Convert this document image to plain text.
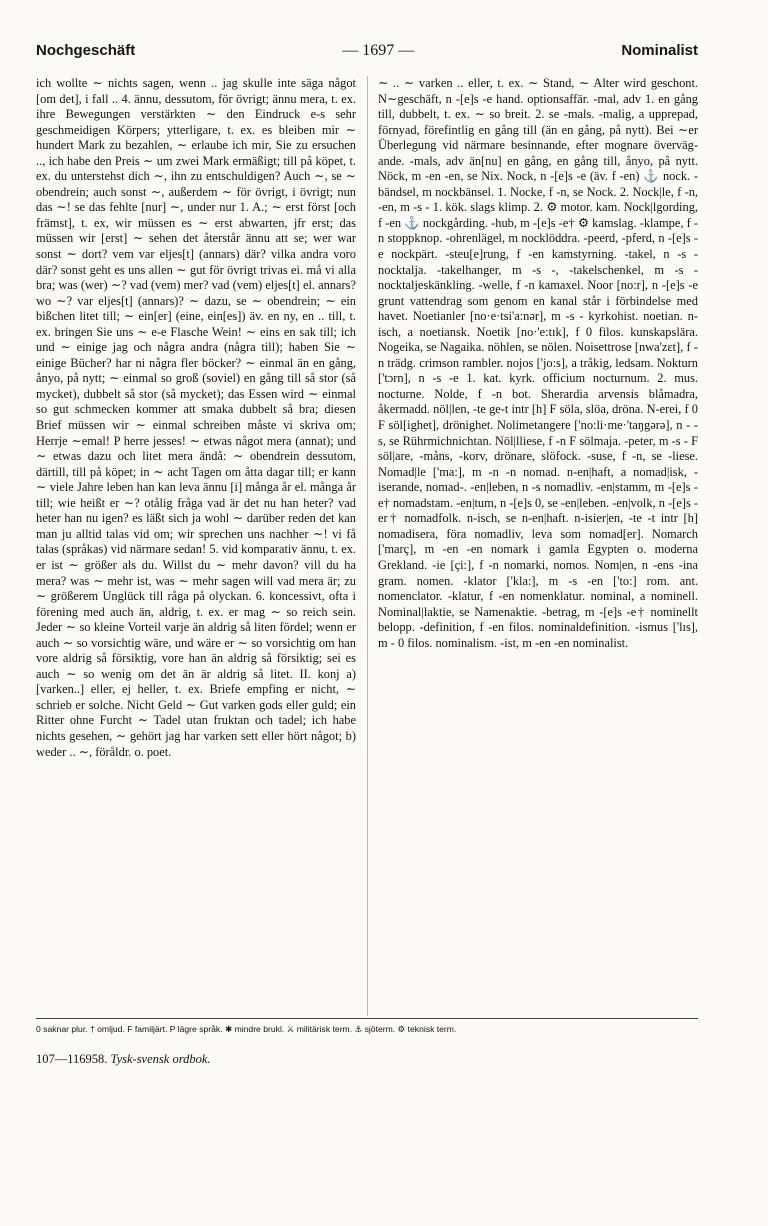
Nochgeschäft	— 1697 —	Nominalist

ich wollte ∼ nichts sagen, wenn .. jag skulle inte säga något [om det], i fall .. 4. ännu, dessutom, för övrigt; ännu mera, t. ex. ihre Bewegungen verstärkten ∼ den Eindruck e-s sehr geschmeidigen Körpers; ytterligare, t. ex. es bleiben mir ∼ hundert Mark zu bezahlen, ∼ erlaube ich mir, Sie zu ersuchen .., ich habe den Preis ∼ um zwei Mark ermäßigt; till på köpet, t. ex. du unterstehst dich ∼, ihn zu entschuldigen? Auch ∼, se ∼ obendrein; auch sonst ∼, außerdem ∼ för övrigt, i övrigt; nun das ∼! se das fehlte [nur] ∼, under nur 1. A.; ∼ erst först [och främst], t. ex, wir müssen es ∼ erst abwarten, jfr erst; das müssen wir [erst] ∼ sehen det återstår ännu att se; wer war sonst ∼ dort? vem var eljes[t] (annars) där? vilka andra voro där? sonst geht es uns allen ∼ gut för övrigt trivas ei. må vi alla bra; was (wer) ∼? vad (vem) mer? vad (vem) eljes[t] el. annars? wo ∼? var eljes[t] (annars)? ∼ dazu, se ∼ obendrein; ∼ ein bißchen litet till; ∼ ein[er] (eine, ein[es]) äv. en ny, en .. till, t. ex. bringen Sie uns ∼ e-e Flasche Wein! ∼ eins en sak till; ich und ∼ einige jag och några andra (några till); haben Sie ∼ einige Bücher? har ni några fler böcker? ∼ einmal än en gång, ånyo, på nytt; ∼ einmal so groß (soviel) en gång till så stor (så mycket), dubbelt så stor (så mycket); das Essen wird ∼ einmal so gut schmecken kommer att smaka dubbelt så bra; diesen Brief müssen wir ∼ einmal schreiben måste vi skriva om; Herrje ∼emal! P herre jesses! ∼ etwas något mera (annat); und ∼ etwas dazu och litet mera ändå: ∼ obendrein dessutom, därtill, till på köpet; in ∼ acht Tagen om åtta dagar till; er kann ∼ viele Jahre leben han kan leva ännu [i] många år el. många år till; wie heißt er ∼? otålig fråga vad är det nu han heter? vad heter han nu igen? es läßt sich ja wohl ∼ darüber reden det kan man ju alltid talas vid om; wir sprechen uns nachher ∼! vi få talas (språkas) vid närmare sedan! 5. vid komparativ ännu, t. ex. er ist ∼ größer als du. Willst du ∼ mehr davon? vill du ha mera? was ∼ mehr ist, was ∼ mehr sagen will vad mera är; zu ∼ größerem Unglück till råga på olyckan. 6. koncessivt, ofta i förening med auch än, aldrig, t. ex. er mag ∼ so reich sein. Jeder ∼ so kleine Vorteil varje än aldrig så liten fördel; wenn er auch ∼ so vorsichtig wäre, und wäre er ∼ so vorsichtig om han vore aldrig så försiktig, vore han än aldrig så försiktig; sei es auch ∼ so wenig om det än är aldrig så litet. II. konj a) [varken..] eller, ej heller, t. ex. Briefe empfing er nicht, ∼ schrieb er solche. Nicht Geld ∼ Gut varken gods eller guld; ein Ritter ohne Furcht ∼ Tadel utan fruktan och tadel; ich habe nichts gesehen, ∼ gehört jag har varken sett eller hört något; b) weder .. ∼, föråldr. o. poet.

∼ .. ∼ varken .. eller, t. ex. ∼ Stand, ∼ Alter wird geschont. N∼geschäft, n -[e]s -e hand. optionsaffär. -mal, adv 1. en gång till, dubbelt, t. ex. ∼ so breit. 2. se -mals. -malig, a upprepad, förnyad, förefintlig en gång till (än en gång, på nytt). Bei ∼er Überlegung vid närmare besinnande, efter mognare övervägande. -mals, adv än[nu] en gång, en gång till, ånyo, på nytt. Nöck, m -en -en, se Nix. Nock, n -[e]s -e (äv. f -en) ⚓ nock. -bändsel, m nockbänsel. 1. Nocke, f -n, se Nock. 2. Nock|le, f -n, -en, m -s - 1. kök. slags klimp. 2. ⚙ motor. kam. Nock|lgording, f -en ⚓ nockgårding. -hub, m -[e]s -e† ⚙ kamslag. -klampe, f -n stoppknop. -ohrenlägel, m nocklöddra. -peerd, -pferd, n -[e]s -e nockpärt. -steu[e]rung, f -en kamstyrning. -takel, n -s - nocktalja. -takelhanger, m -s -, -takelschenkel, m -s - nocktaljeskänkling. -welle, f -n kamaxel. Noor [no:r], n -[e]s -e grunt vattendrag som genom en kanal står i förbindelse med havet. Noetianler [no·e·tsi'a:nər], m -s - kyrkohist. noetian. n-isch, a noetiansk. Noetik [no·'e:tɪk], f 0 filos. kunskapslära. Nogeika, se Nagaika. nöhlen, se nölen. Noisettrose [nwa'zɛt], f -n trädg. crimson rambler. nojos ['jo:s], a tråkig, ledsam. Nokturn ['tɔrn], n -s -e 1. kat. kyrk. officium nocturnum. 2. mus. nocturne. Nolde, f -n bot. Sherardia arvensis blåmadra, åkermadd. nöl|len, -te ge-t intr [h] F söla, slöa, dröna. N-erei, f 0 F söl[ighet], drönighet. Nolimetangere ['no:li·me·'taŋgərə], n - -s, se Rührmichnichtan. Nöl|lliese, f -n F sölmaja. -peter, m -s - F söl|are, -måns, -korv, drönare, slöfock. -suse, f -n, se -liese. Nomad|le ['ma:], m -n -n nomad. n-en|haft, a nomad|isk, -iserande, nomad-. -en|leben, n -s nomadliv. -en|stamm, m -[e]s -e† nomadstam. -en|tum, n -[e]s 0, se -en|leben. -en|volk, n -[e]s -er† nomadfolk. n-isch, se n-en|haft. n-isier|en, -te -t intr [h] nomadisera, föra nomadliv, leva som nomad[er]. Nomarch ['març], m -en -en nomark i gamla Egypten o. moderna Grekland. -ie [çi:], f -n nomarki, nomos. Nom|en, n -ens -ina gram. nomen. -klator ['kla:], m -s -en ['to:] rom. ant. nomenclator. -klatur, f -en nomenklatur. nominal, a nominell. Nominal|laktie, se Namenaktie. -betrag, m -[e]s -e† nominellt belopp. -definition, f -en filos. nominaldefinition. -ismus ['lɪs], m - 0 filos. nominalism. -ist, m -en -en nominalist.

0 saknar plur. † omljud. F familjärt. P lägre språk. ✱ mindre brukl. ⚔ militärisk term. ⚓ sjöterm. ⚙ teknisk term.
107—116958. Tysk-svensk ordbok.
